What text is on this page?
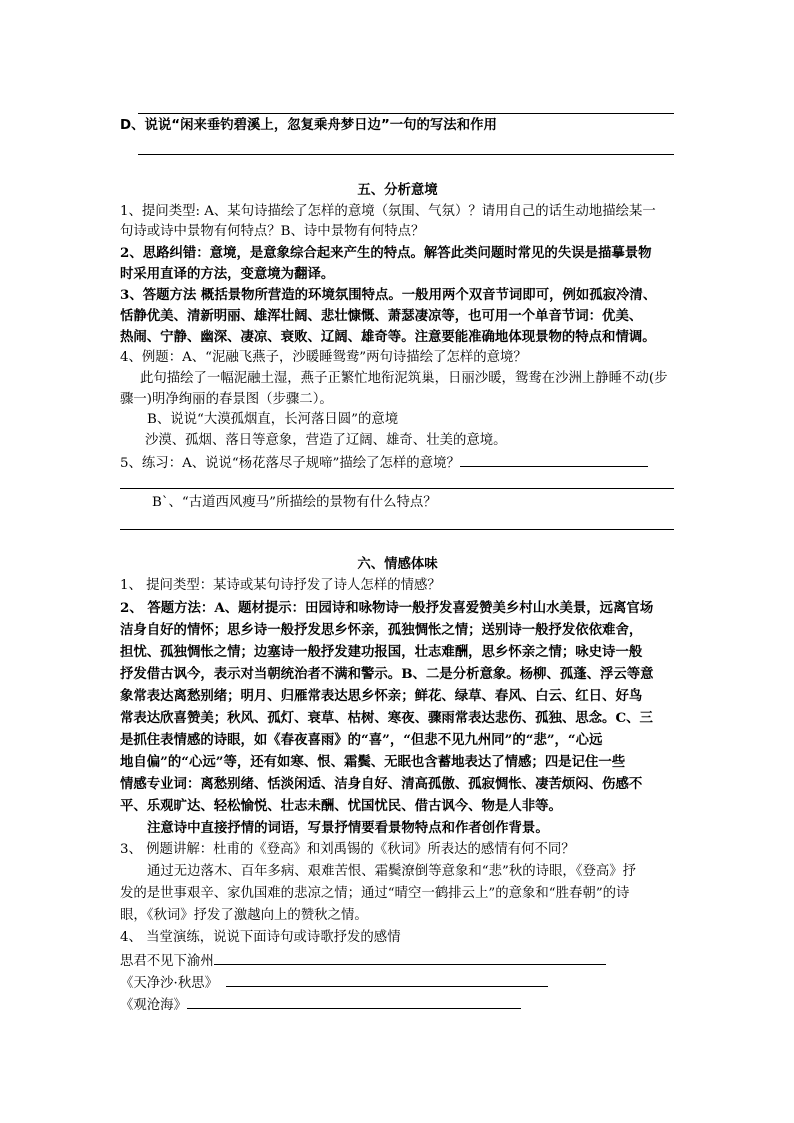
D、说说“闲来垂钓碧溪上，忽复乘舟梦日边”一句的写法和作用
五、分析意境
1、提问类型: A、某句诗描绘了怎样的意境（氛围、气氛）？请用自己的话生动地描绘某一
句诗或诗中景物有何特点？B、诗中景物有何特点？
2、思路纠错：意境，是意象综合起来产生的特点。解答此类问题时常见的失误是描摹景物
时采用直译的方法，变意境为翻译。
3、答题方法 概括景物所营造的环境氛围特点。一般用两个双音节词即可，例如孤寂冷清、
恬静优美、清新明丽、雄浑壮阔、悲壮慷慨、萧瑟凄凉等，也可用一个单音节词：优美、
热闹、宁静、幽深、凄凉、衰败、辽阔、雄奇等。注意要能准确地体现景物的特点和情调。
4、例题：A、“泥融飞燕子，沙暖睡鸳鸯”两句诗描绘了怎样的意境？
此句描绘了一幅泥融土湿，燕子正繁忙地衔泥筑巢，日丽沙暖，鸳鸯在沙洲上静睡不动(步
骤一)明净绚丽的春景图（步骤二）。
B、说说“大漠孤烟直，长河落日圆”的意境
沙漠、孤烟、落日等意象，营造了辽阔、雄奇、壮美的意境。
5、练习：A、说说“杨花落尽子规啼”描绘了怎样的意境？
B`、“古道西风瘦马”所描绘的景物有什么特点？
六、情感体味
1、 提问类型：某诗或某句诗抒发了诗人怎样的情感？
2、 答题方法：A、题材提示：田园诗和咏物诗一般抒发喜爱赞美乡村山水美景，远离官场
洁身自好的情怀；思乡诗一般抒发思乡怀亲，孤独惆怅之情；送别诗一般抒发依依难舍，
担忧、孤独惆怅之情；边塞诗一般抒发建功报国，壮志难酬，思乡怀亲之情；咏史诗一般
抒发借古讽今，表示对当朝统治者不满和警示。B、二是分析意象。杨柳、孤蓬、浮云等意
象常表达离愁别绪；明月、归雁常表达思乡怀亲；鲜花、绿草、春风、白云、红日、好鸟
常表达欣喜赞美；秋风、孤灯、衰草、枯树、寒夜、骤雨常表达悲伤、孤独、思念。C、三
是抓住表情感的诗眼，如《春夜喜雨》的“喜”，“但悲不见九州同”的“悲”，“心远
地自偏”的“心远”等，还有如寒、恨、霜鬓、无眠也含蓄地表达了情感；四是记住一些
情感专业词：离愁别绪、恬淡闲适、洁身自好、清高孤傲、孤寂惆怅、凄苦烦闷、伤感不
平、乐观旷达、轻松愉悦、壮志未酬、忧国忧民、借古讽今、物是人非等。
注意诗中直接抒情的词语，写景抒情要看景物特点和作者创作背景。
3、 例题讲解：杜甫的《登高》和刘禹锡的《秋词》所表达的感情有何不同？
通过无边落木、百年多病、艰难苦恨、霜鬓潦倒等意象和“悲”秋的诗眼，《登高》抒
发的是世事艰辛、家仇国难的悲凉之情；通过“晴空一鹤排云上”的意象和“胜春朝”的诗
眼，《秋词》抒发了激越向上的赞秋之情。
4、 当堂演练，说说下面诗句或诗歌抒发的感情
思君不见下渝州
《天净沙·秋思》
《观沧海》
